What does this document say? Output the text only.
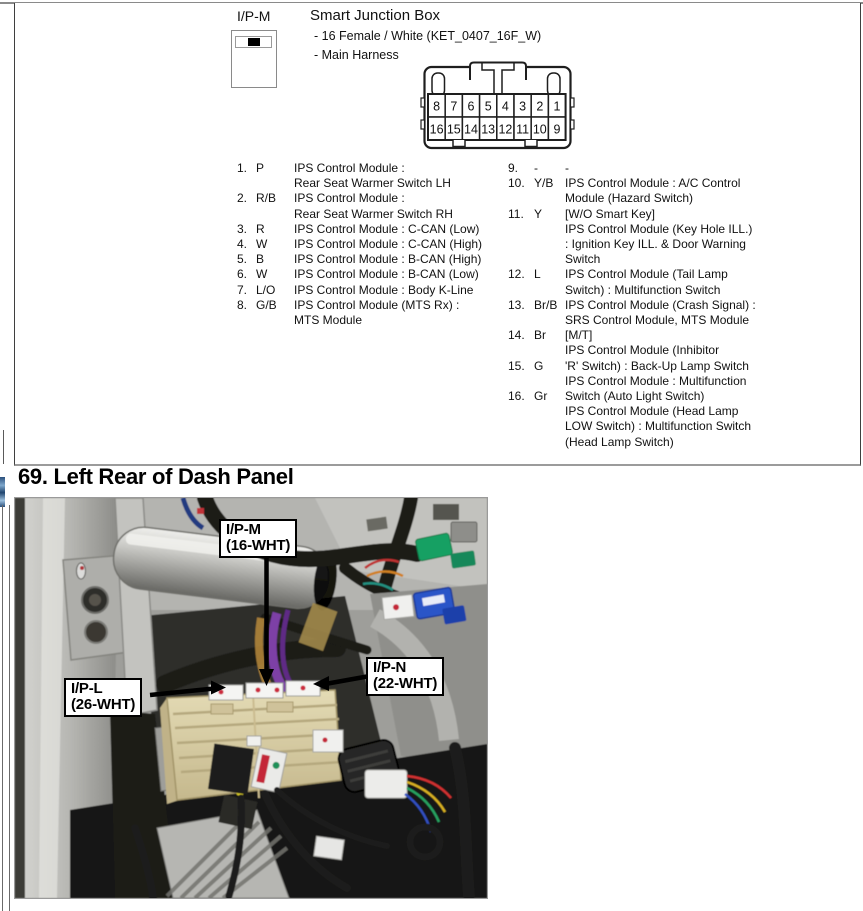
I/P-M	Smart Junction Box
- 16 Female / White (KET_0407_16F_W)
- Main Harness
8 7 6 5 4 3 2 1
16 15 14 13 12 11 10 9
1. P IPS Control Module :
Rear Seat Warmer Switch LH
2. R/B IPS Control Module :
Rear Seat Warmer Switch RH
3. R IPS Control Module : C-CAN (Low)
4. W IPS Control Module : C-CAN (High)
5. B IPS Control Module : B-CAN (High)
6. W IPS Control Module : B-CAN (Low)
7. L/O IPS Control Module : Body K-Line
8. G/B IPS Control Module (MTS Rx) :
MTS Module
9.	- -
10. Y/B IPS Control Module : A/C Control
Module (Hazard Switch)
11. Y [W/O Smart Key]
IPS Control Module (Key Hole ILL.)
: Ignition Key ILL. & Door Warning
Switch
12. L IPS Control Module (Tail Lamp
Switch) : Multifunction Switch
13. Br/B IPS Control Module (Crash Signal) :
SRS Control Module, MTS Module
14. Br [M/T]
IPS Control Module (Inhibitor
15. G 'R' Switch) : Back-Up Lamp Switch
IPS Control Module : Multifunction
16. Gr Switch (Auto Light Switch)
IPS Control Module (Head Lamp
LOW Switch) : Multifunction Switch
(Head Lamp Switch)
69. Left Rear of Dash Panel
I/P-M
(16-WHT)
I/P-L
(26-WHT)
I/P-N
(22-WHT)
